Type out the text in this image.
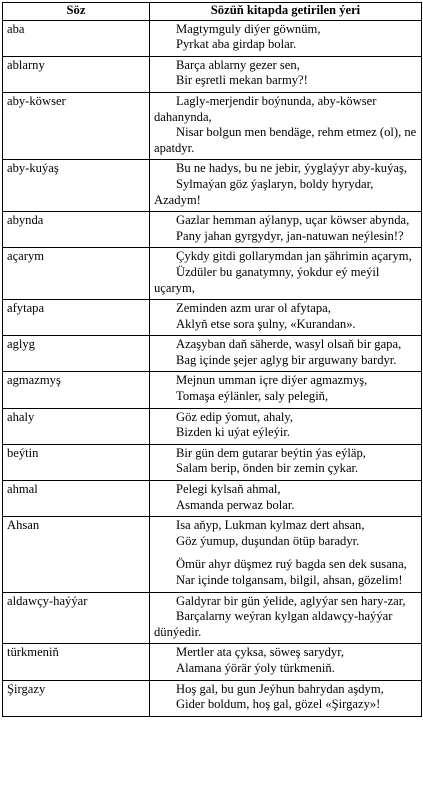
Söz	Sözüň kitapda getirilen ýeri
aba	Magtymguly diýer göwnüm,
Pyrkat aba girdap bolar.

ablarny	Barça ablarny gezer sen,
Bir eşretli mekan barmy?!

aby-köwser	Lagly-merjendir boýnunda, aby-köwser dahanynda,
Nisar bolgun men bendäge, rehm etmez (ol), ne apatdyr.

aby-kuýaş	Bu ne hadys, bu ne jebir, ýyglaýyr aby-kuýaş,
Sylmaýan göz ýaşlaryn, boldy hyrydar, Azadym!

abynda	Gazlar hemman aýlanyp, uçar köwser abynda,
Pany jahan gyrgydyr, jan-natuwan neýlesin!?

açarym	Çykdy gitdi gollarymdan jan şährimin açarym,
Üzdüler bu ganatymny, ýokdur eý meýil uçarym,

afytapa	Zeminden azm urar ol afytapa,
Aklyň etse sora şulny, «Kurandan».

aglyg	Azaşyban dаň säherde, wasyl olsaň bir gapa,
Bag içinde şejer aglyg bir arguwany bardyr.

agmazmyş	Mejnun umman içre diýer agmazmyş,
Tomaşa eýlänler, saly pelegiň,

ahaly	Göz edip ýomut, ahaly,
Bizden ki uýat eýleýir.

beýtin	Bir gün dem gutarar beýtin ýas eýläp,
Salam berip, önden bir zemin çykar.

ahmal	Pelegi kylsaň ahmal,
Asmanda perwaz bolar.

Ahsan	Isa aňyp, Lukman kylmaz dert ahsan,
Göz ýumup, duşundan ötüp baradyr.
Ömür ahyr düşmez ruý bagda sen dek susana,
Nar içinde tolgansam, bilgil, ahsan, gözelim!

aldawçy-haýýar	Galdyrar bir gün ýelide, aglyýar sen hary-zar,
Barçalarny weýran kylgan aldawçy-haýýar dünýedir.

türkmeniň	Mertler ata çyksa, söweş sarydyr,
Alamana ýörär ýoly türkmeniň.

Şirgazy	Hoş gal, bu gun Jeýhun bahrydan aşdym,
Gider boldum, hoş gal, gözel «Şirgazy»!
